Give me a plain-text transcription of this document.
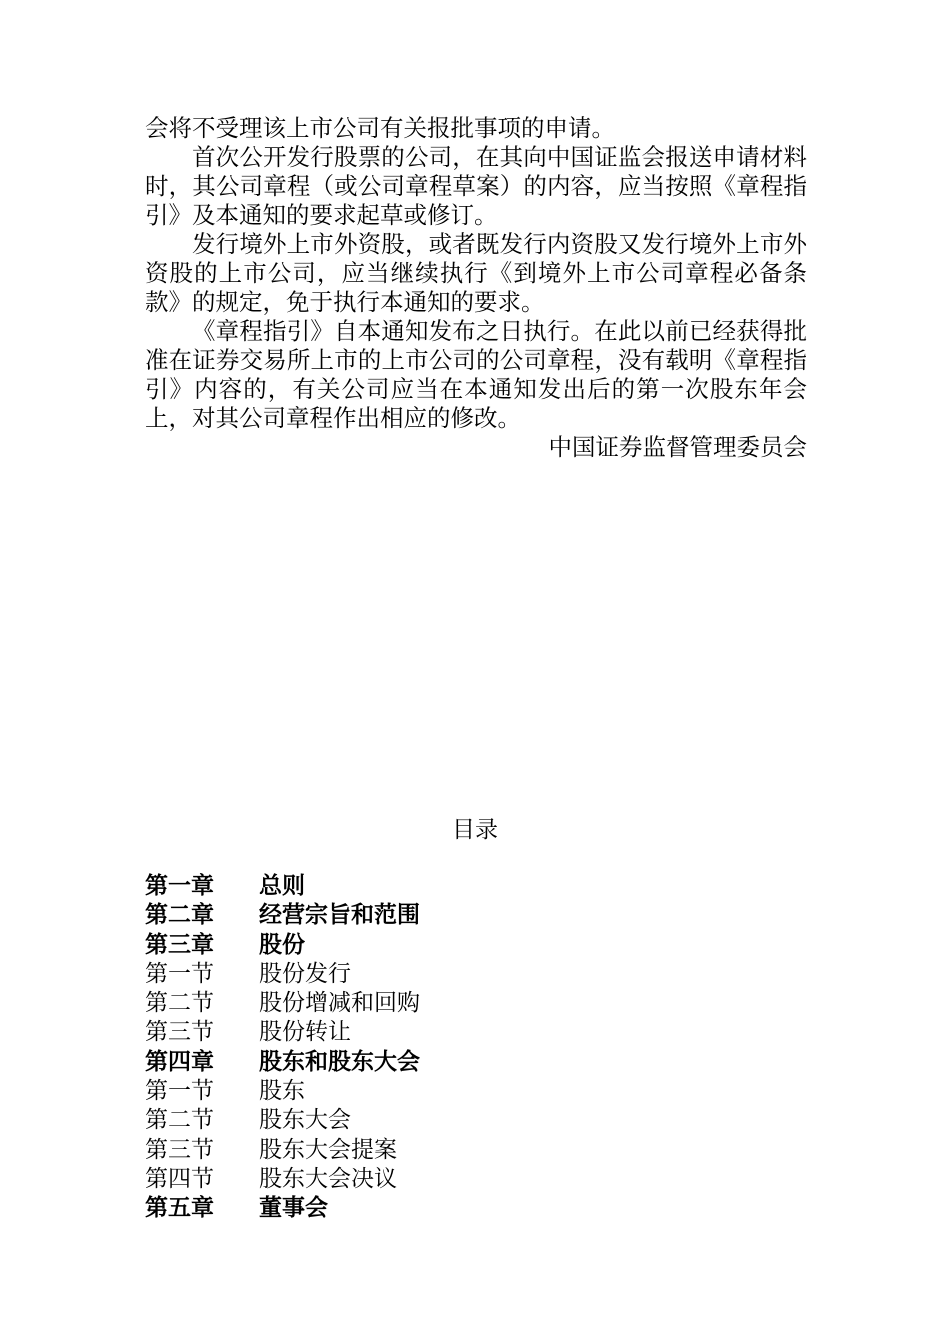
会将不受理该上市公司有关报批事项的申请。

首次公开发行股票的公司，在其向中国证监会报送申请材料时，其公司章程（或公司章程草案）的内容，应当按照《章程指引》及本通知的要求起草或修订。

发行境外上市外资股，或者既发行内资股又发行境外上市外资股的上市公司，应当继续执行《到境外上市公司章程必备条款》的规定，免于执行本通知的要求。

《章程指引》自本通知发布之日执行。在此以前已经获得批准在证券交易所上市的上市公司的公司章程，没有载明《章程指引》内容的，有关公司应当在本通知发出后的第一次股东年会上，对其公司章程作出相应的修改。

中国证券监督管理委员会

目录
第一章	总则
第二章	经营宗旨和范围
第三章	股份
第一节	股份发行
第二节	股份增减和回购
第三节	股份转让
第四章	股东和股东大会
第一节	股东
第二节	股东大会
第三节	股东大会提案
第四节	股东大会决议
第五章	董事会
